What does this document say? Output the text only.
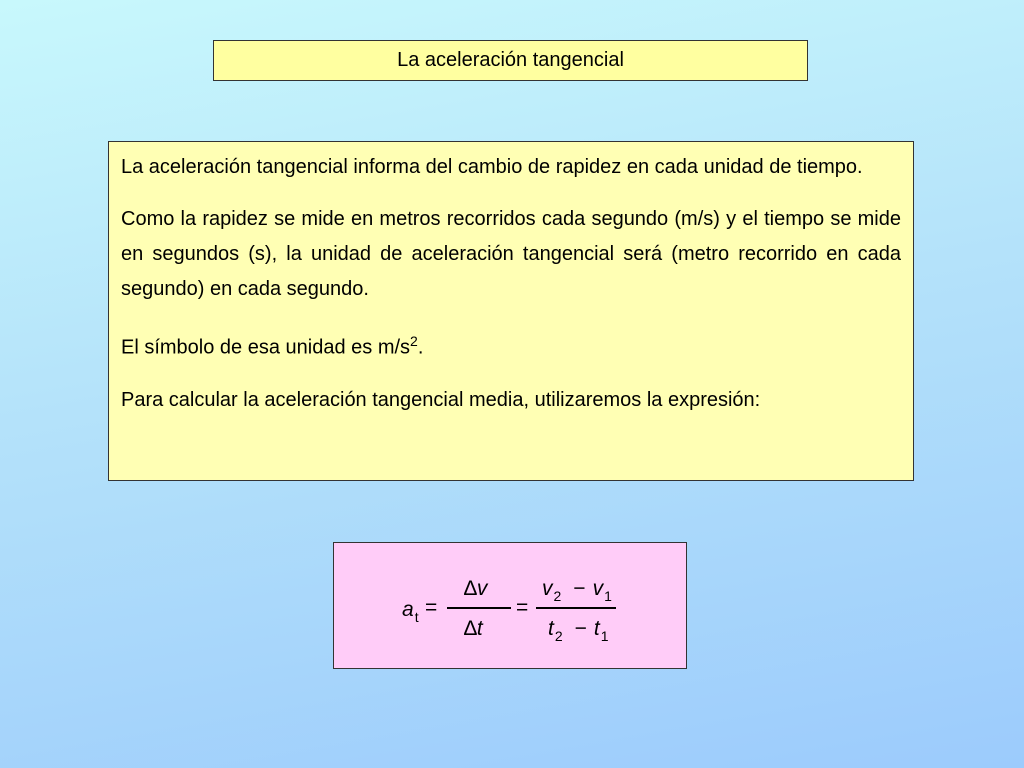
La aceleración tangencial

La aceleración tangencial informa del cambio de rapidez en cada unidad de tiempo.

Como la rapidez se mide en metros recorridos cada segundo (m/s) y el tiempo se mide en segundos (s), la unidad de aceleración tangencial será (metro recorrido en cada segundo) en cada segundo.

El símbolo de esa unidad es $m/s^2$.

Para calcular la aceleración tangencial media, utilizaremos la expresión:

$a_t$ =
∆v
∆t
=
$v_2 - v_1$
$t_2 - t_1$
